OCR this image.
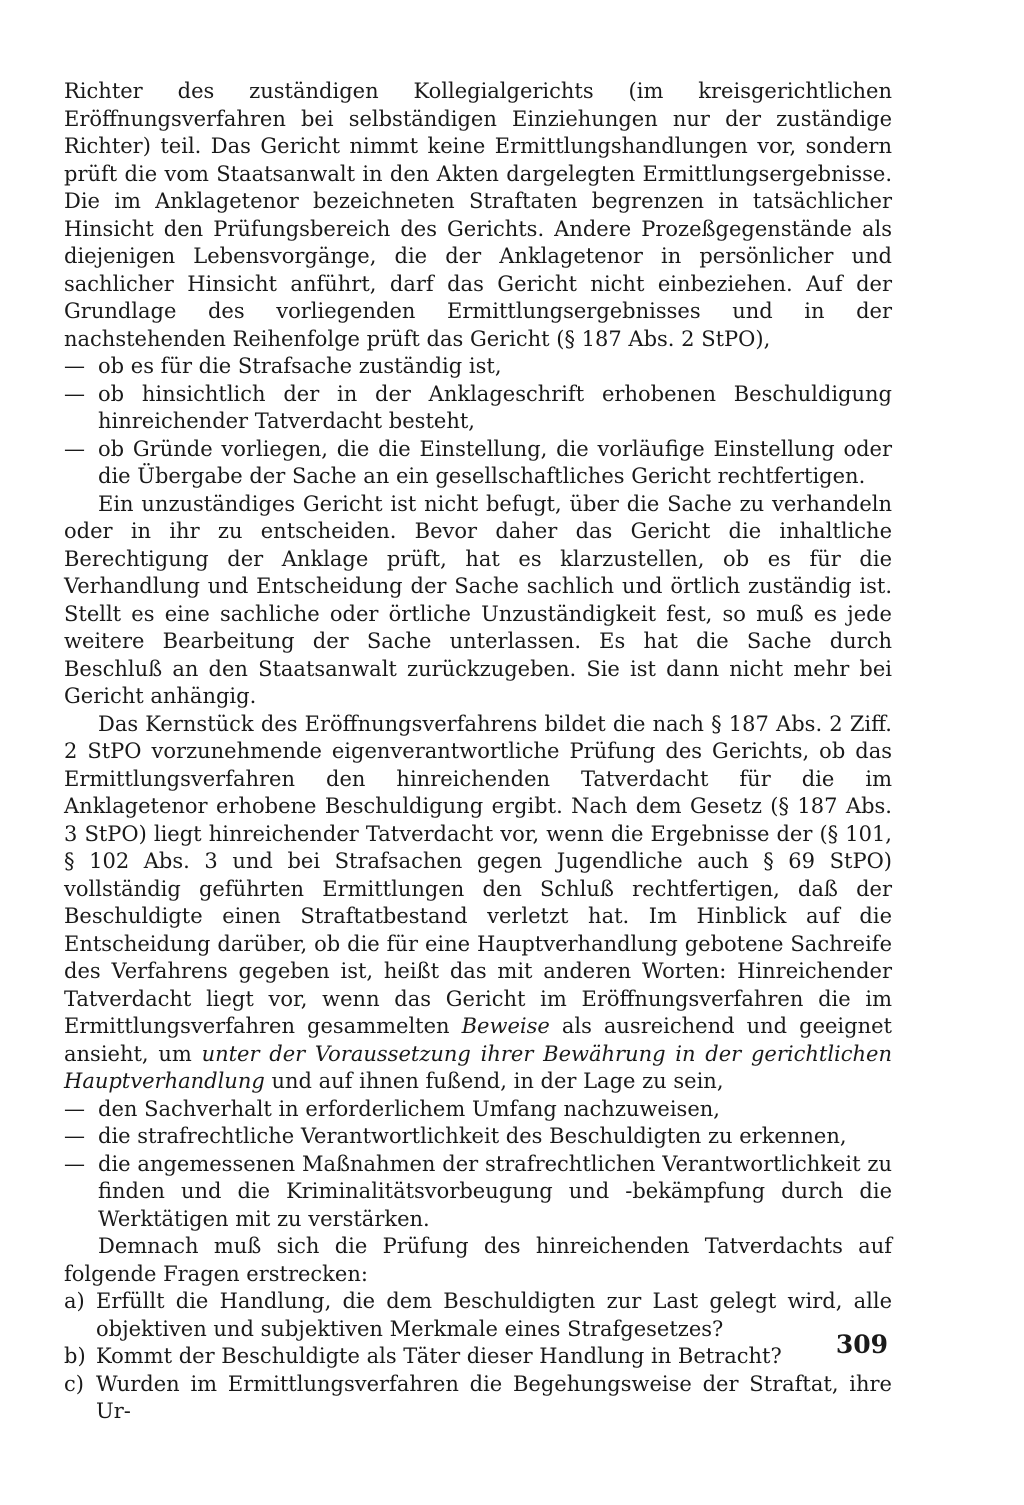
Richter des zuständigen Kollegialgerichts (im kreisgerichtlichen Eröffnungsverfahren bei selbständigen Einziehungen nur der zuständige Richter) teil. Das Gericht nimmt keine Ermittlungshandlungen vor, sondern prüft die vom Staatsanwalt in den Akten dargelegten Ermittlungsergebnisse. Die im Anklagetenor bezeichneten Straftaten begrenzen in tatsächlicher Hinsicht den Prüfungsbereich des Gerichts. Andere Prozeßgegenstände als diejenigen Lebensvorgänge, die der Anklagetenor in persönlicher und sachlicher Hinsicht anführt, darf das Gericht nicht einbeziehen. Auf der Grundlage des vorliegenden Ermittlungsergebnisses und in der nachstehenden Reihenfolge prüft das Gericht (§ 187 Abs. 2 StPO),

— ob es für die Strafsache zuständig ist,
— ob hinsichtlich der in der Anklageschrift erhobenen Beschuldigung hinreichender Tatverdacht besteht,
— ob Gründe vorliegen, die die Einstellung, die vorläufige Einstellung oder die Übergabe der Sache an ein gesellschaftliches Gericht rechtfertigen.

Ein unzuständiges Gericht ist nicht befugt, über die Sache zu verhandeln oder in ihr zu entscheiden. Bevor daher das Gericht die inhaltliche Berechtigung der Anklage prüft, hat es klarzustellen, ob es für die Verhandlung und Entscheidung der Sache sachlich und örtlich zuständig ist. Stellt es eine sachliche oder örtliche Unzuständigkeit fest, so muß es jede weitere Bearbeitung der Sache unterlassen. Es hat die Sache durch Beschluß an den Staatsanwalt zurückzugeben. Sie ist dann nicht mehr bei Gericht anhängig.

Das Kernstück des Eröffnungsverfahrens bildet die nach § 187 Abs. 2 Ziff. 2 StPO vorzunehmende eigenverantwortliche Prüfung des Gerichts, ob das Ermittlungsverfahren den hinreichenden Tatverdacht für die im Anklagetenor erhobene Beschuldigung ergibt. Nach dem Gesetz (§ 187 Abs. 3 StPO) liegt hinreichender Tatverdacht vor, wenn die Ergebnisse der (§ 101, § 102 Abs. 3 und bei Strafsachen gegen Jugendliche auch § 69 StPO) vollständig geführten Ermittlungen den Schluß rechtfertigen, daß der Beschuldigte einen Straftatbestand verletzt hat. Im Hinblick auf die Entscheidung darüber, ob die für eine Hauptverhandlung gebotene Sachreife des Verfahrens gegeben ist, heißt das mit anderen Worten: Hinreichender Tatverdacht liegt vor, wenn das Gericht im Eröffnungsverfahren die im Ermittlungsverfahren gesammelten Beweise als ausreichend und geeignet ansieht, um unter der Voraussetzung ihrer Bewährung in der gerichtlichen Hauptverhandlung und auf ihnen fußend, in der Lage zu sein,

— den Sachverhalt in erforderlichem Umfang nachzuweisen,
— die strafrechtliche Verantwortlichkeit des Beschuldigten zu erkennen,
— die angemessenen Maßnahmen der strafrechtlichen Verantwortlichkeit zu finden und die Kriminalitätsvorbeugung und -bekämpfung durch die Werktätigen mit zu verstärken.

Demnach muß sich die Prüfung des hinreichenden Tatverdachts auf folgende Fragen erstrecken:

a) Erfüllt die Handlung, die dem Beschuldigten zur Last gelegt wird, alle objektiven und subjektiven Merkmale eines Strafgesetzes?
b) Kommt der Beschuldigte als Täter dieser Handlung in Betracht?
c) Wurden im Ermittlungsverfahren die Begehungsweise der Straftat, ihre Ur-
309
